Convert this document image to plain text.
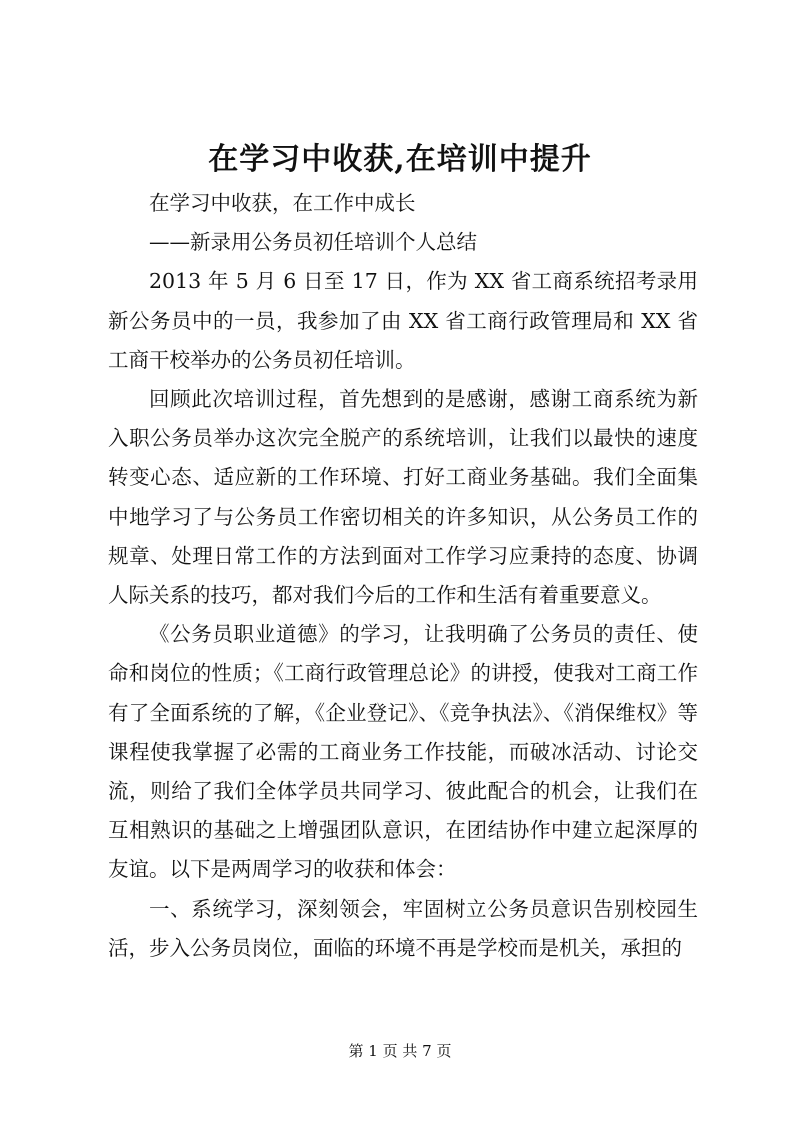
在学习中收获,在培训中提升

在学习中收获，在工作中成长

——新录用公务员初任培训个人总结

2013 年 5 月 6 日至 17 日，作为 XX 省工商系统招考录用新公务员中的一员，我参加了由 XX 省工商行政管理局和 XX 省工商干校举办的公务员初任培训。

回顾此次培训过程，首先想到的是感谢，感谢工商系统为新入职公务员举办这次完全脱产的系统培训，让我们以最快的速度转变心态、适应新的工作环境、打好工商业务基础。我们全面集中地学习了与公务员工作密切相关的许多知识，从公务员工作的规章、处理日常工作的方法到面对工作学习应秉持的态度、协调人际关系的技巧，都对我们今后的工作和生活有着重要意义。

《公务员职业道德》的学习，让我明确了公务员的责任、使命和岗位的性质；《工商行政管理总论》的讲授，使我对工商工作有了全面系统的了解，《企业登记》、《竞争执法》、《消保维权》等课程使我掌握了必需的工商业务工作技能，而破冰活动、讨论交流，则给了我们全体学员共同学习、彼此配合的机会，让我们在互相熟识的基础之上增强团队意识，在团结协作中建立起深厚的友谊。以下是两周学习的收获和体会：

一、系统学习，深刻领会，牢固树立公务员意识告别校园生活，步入公务员岗位，面临的环境不再是学校而是机关，承担的

第 1 页 共 7 页
